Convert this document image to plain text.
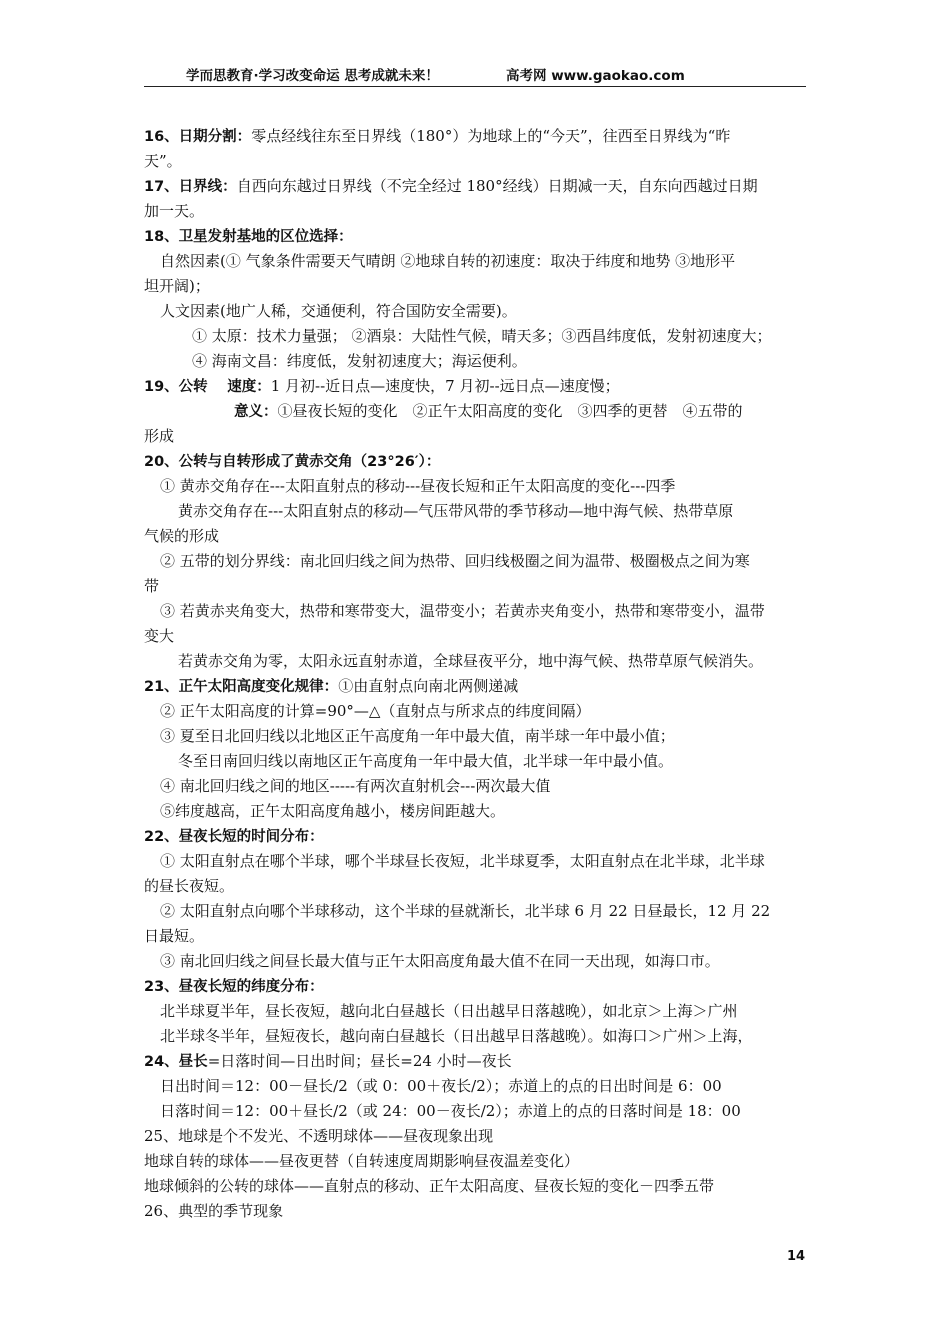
学而思教育·学习改变命运 思考成就未来！	高考网 www.gaokao.com
16、日期分割：零点经线往东至日界线（180°）为地球上的“今天”，往西至日界线为“昨
天”。
17、日界线：自西向东越过日界线（不完全经过 180°经线）日期减一天，自东向西越过日期
加一天。
18、卫星发射基地的区位选择：
自然因素(① 气象条件需要天气晴朗 ②地球自转的初速度：取决于纬度和地势 ③地形平
坦开阔)；
人文因素(地广人稀，交通便利，符合国防安全需要)。
① 太原：技术力量强； ②酒泉：大陆性气候，晴天多；③西昌纬度低，发射初速度大；
④ 海南文昌：纬度低，发射初速度大；海运便利。
19、公转　 速度：1 月初--近日点—速度快，7 月初--远日点—速度慢；
意义：①昼夜长短的变化　②正午太阳高度的变化　③四季的更替　④五带的
形成
20、公转与自转形成了黄赤交角（23°26′）：
① 黄赤交角存在---太阳直射点的移动---昼夜长短和正午太阳高度的变化---四季
黄赤交角存在---太阳直射点的移动—气压带风带的季节移动—地中海气候、热带草原
气候的形成
② 五带的划分界线：南北回归线之间为热带、回归线极圈之间为温带、极圈极点之间为寒
带
③ 若黄赤夹角变大，热带和寒带变大，温带变小；若黄赤夹角变小，热带和寒带变小，温带
变大
若黄赤交角为零，太阳永远直射赤道，全球昼夜平分，地中海气候、热带草原气候消失。
21、正午太阳高度变化规律：①由直射点向南北两侧递减
② 正午太阳高度的计算=90°—△（直射点与所求点的纬度间隔）
③ 夏至日北回归线以北地区正午高度角一年中最大值，南半球一年中最小值；
冬至日南回归线以南地区正午高度角一年中最大值，北半球一年中最小值。
④ 南北回归线之间的地区-----有两次直射机会---两次最大值
⑤纬度越高，正午太阳高度角越小，楼房间距越大。
22、昼夜长短的时间分布：
① 太阳直射点在哪个半球，哪个半球昼长夜短，北半球夏季，太阳直射点在北半球，北半球
的昼长夜短。
② 太阳直射点向哪个半球移动，这个半球的昼就渐长，北半球 6 月 22 日昼最长，12 月 22
日最短。
③ 南北回归线之间昼长最大值与正午太阳高度角最大值不在同一天出现，如海口市。
23、昼夜长短的纬度分布：
北半球夏半年，昼长夜短，越向北白昼越长（日出越早日落越晚），如北京＞上海＞广州
北半球冬半年，昼短夜长，越向南白昼越长（日出越早日落越晚）。如海口＞广州＞上海，
24、昼长=日落时间—日出时间；昼长=24 小时—夜长
日出时间＝12：00－昼长/2（或 0：00＋夜长/2）；赤道上的点的日出时间是 6：00
日落时间＝12：00＋昼长/2（或 24：00－夜长/2）；赤道上的点的日落时间是 18：00
25、地球是个不发光、不透明球体——昼夜现象出现
地球自转的球体——昼夜更替（自转速度周期影响昼夜温差变化）
地球倾斜的公转的球体——直射点的移动、正午太阳高度、昼夜长短的变化－四季五带
26、典型的季节现象
14
